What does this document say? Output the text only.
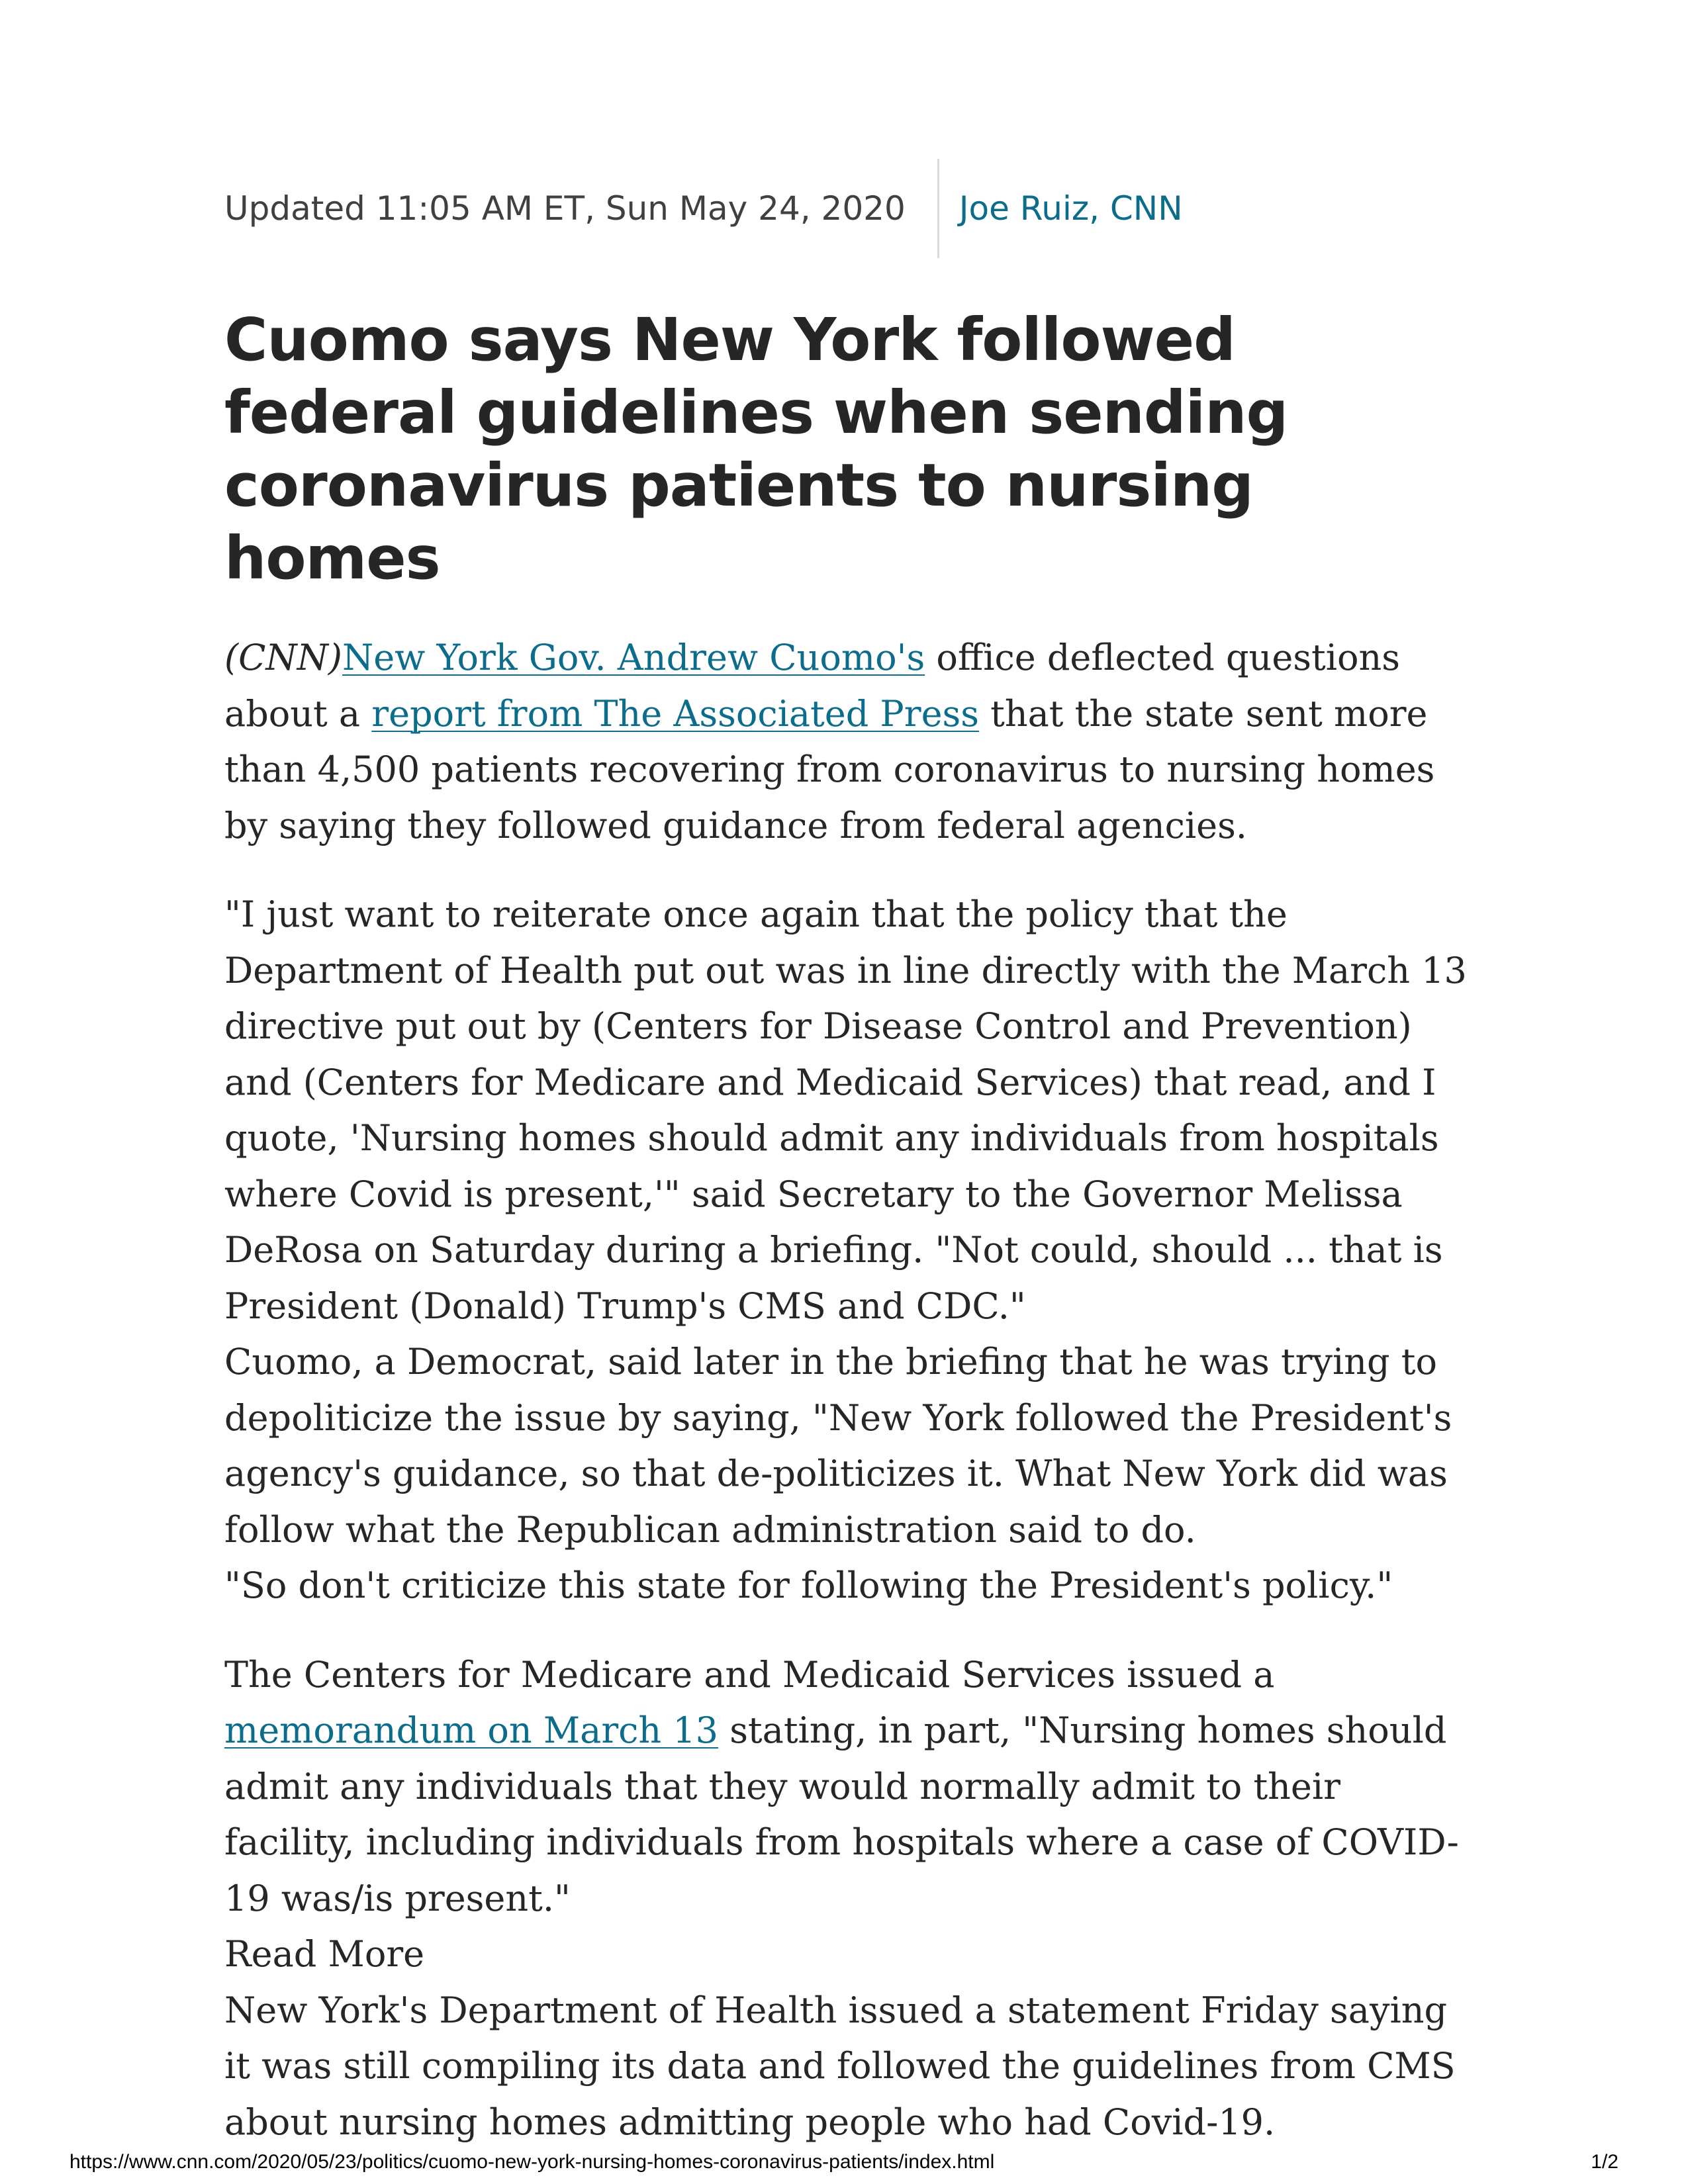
Updated 11:05 AM ET, Sun May 24, 2020	Joe Ruiz, CNN
Cuomo says New York followed federal guidelines when sending coronavirus patients to nursing homes

(CNN)New York Gov. Andrew Cuomo's office deflected questions about a report from The Associated Press that the state sent more than 4,500 patients recovering from coronavirus to nursing homes by saying they followed guidance from federal agencies.

"I just want to reiterate once again that the policy that the Department of Health put out was in line directly with the March 13 directive put out by (Centers for Disease Control and Prevention) and (Centers for Medicare and Medicaid Services) that read, and I quote, 'Nursing homes should admit any individuals from hospitals where Covid is present,'" said Secretary to the Governor Melissa DeRosa on Saturday during a briefing. "Not could, should ... that is President (Donald) Trump's CMS and CDC."

Cuomo, a Democrat, said later in the briefing that he was trying to depoliticize the issue by saying, "New York followed the President's agency's guidance, so that de-politicizes it. What New York did was follow what the Republican administration said to do.

"So don't criticize this state for following the President's policy."

The Centers for Medicare and Medicaid Services issued a memorandum on March 13 stating, in part, "Nursing homes should admit any individuals that they would normally admit to their facility, including individuals from hospitals where a case of COVID-19 was/is present."

Read More

New York's Department of Health issued a statement Friday saying it was still compiling its data and followed the guidelines from CMS about nursing homes admitting people who had Covid-19.

https://www.cnn.com/2020/05/23/politics/cuomo-new-york-nursing-homes-coronavirus-patients/index.html	1/2
